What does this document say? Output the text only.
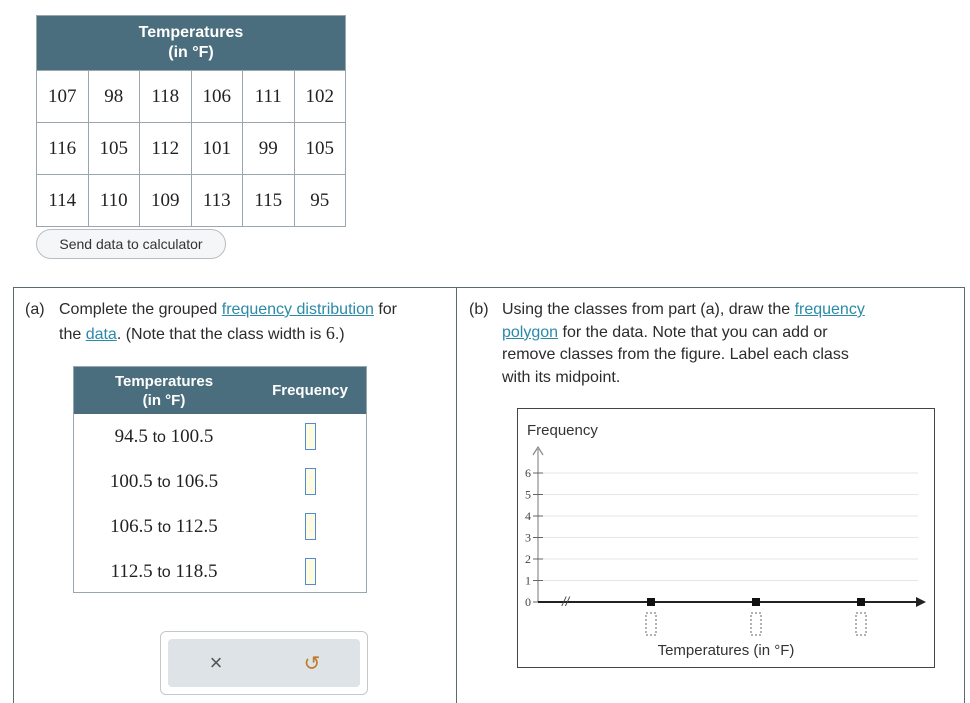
Temperatures
(in °F)
107	98	118	106	111	102
116	105	112	101	99	105
114	110	109	113	115	95
Send data to calculator
(a) Complete the grouped frequency distribution for
the data. (Note that the class width is 6.)
Temperatures
(in °F)
Frequency
94.5 to 100.5
100.5 to 106.5
106.5 to 112.5
112.5 to 118.5
×	↺
(b) Using the classes from part (a), draw the frequency
polygon for the data. Note that you can add or
remove classes from the figure. Label each class
with its midpoint.
0
1
2
3
4
5
6
Frequency
//
Temperatures (in °F)
